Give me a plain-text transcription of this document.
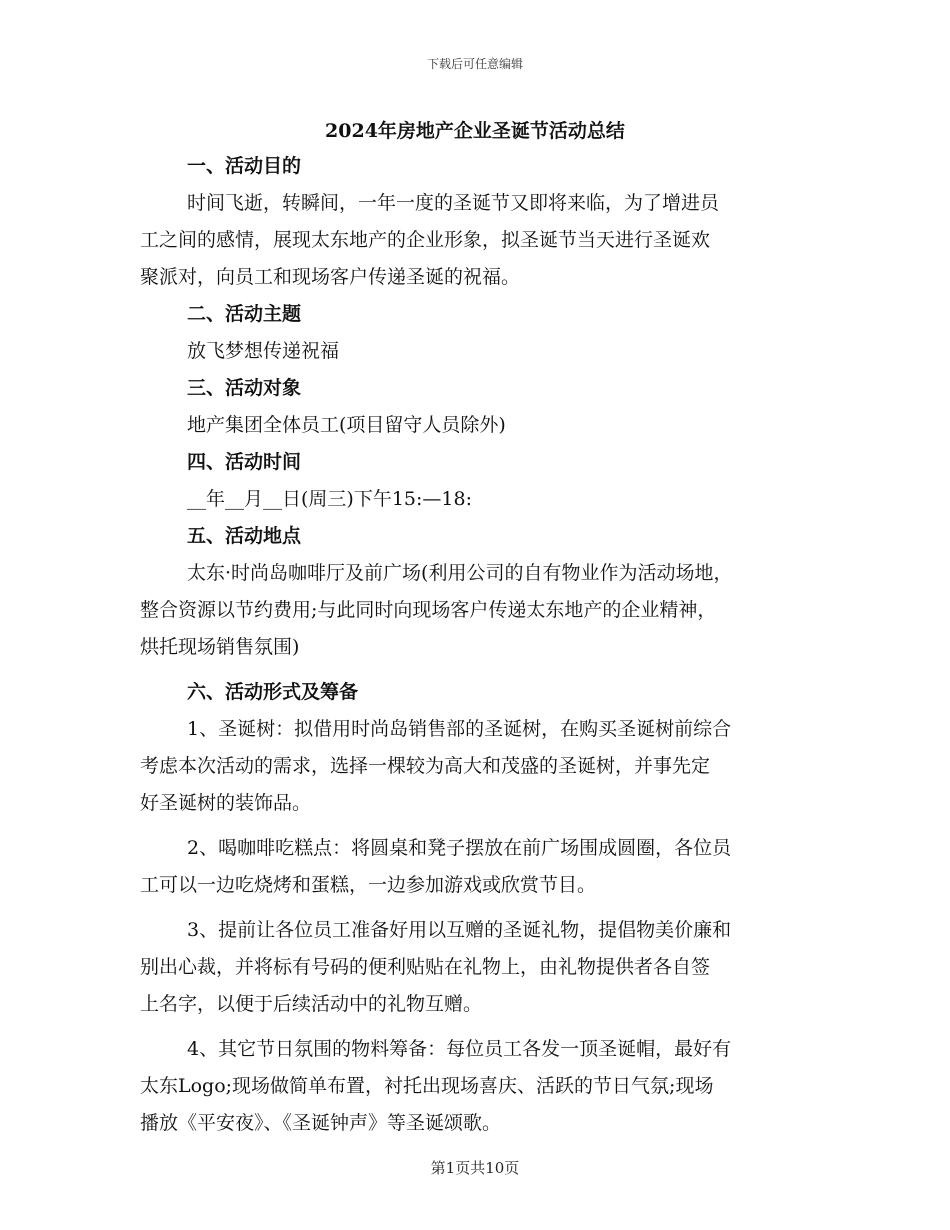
下载后可任意编辑
2024年房地产企业圣诞节活动总结
一、活动目的
时间飞逝，转瞬间，一年一度的圣诞节又即将来临，为了增进员
工之间的感情，展现太东地产的企业形象，拟圣诞节当天进行圣诞欢
聚派对，向员工和现场客户传递圣诞的祝福。
二、活动主题
放飞梦想传递祝福
三、活动对象
地产集团全体员工(项目留守人员除外)
四、活动时间
__年__月__日(周三)下午15:—18:
五、活动地点
太东·时尚岛咖啡厅及前广场(利用公司的自有物业作为活动场地，
整合资源以节约费用;与此同时向现场客户传递太东地产的企业精神，
烘托现场销售氛围)
六、活动形式及筹备
1、圣诞树：拟借用时尚岛销售部的圣诞树，在购买圣诞树前综合
考虑本次活动的需求，选择一棵较为高大和茂盛的圣诞树，并事先定
好圣诞树的装饰品。
2、喝咖啡吃糕点：将圆桌和凳子摆放在前广场围成圆圈，各位员
工可以一边吃烧烤和蛋糕，一边参加游戏或欣赏节目。
3、提前让各位员工准备好用以互赠的圣诞礼物，提倡物美价廉和
别出心裁，并将标有号码的便利贴贴在礼物上，由礼物提供者各自签
上名字，以便于后续活动中的礼物互赠。
4、其它节日氛围的物料筹备：每位员工各发一顶圣诞帽，最好有
太东Logo;现场做简单布置，衬托出现场喜庆、活跃的节日气氛;现场
播放《平安夜》、《圣诞钟声》等圣诞颂歌。
第1页共10页
